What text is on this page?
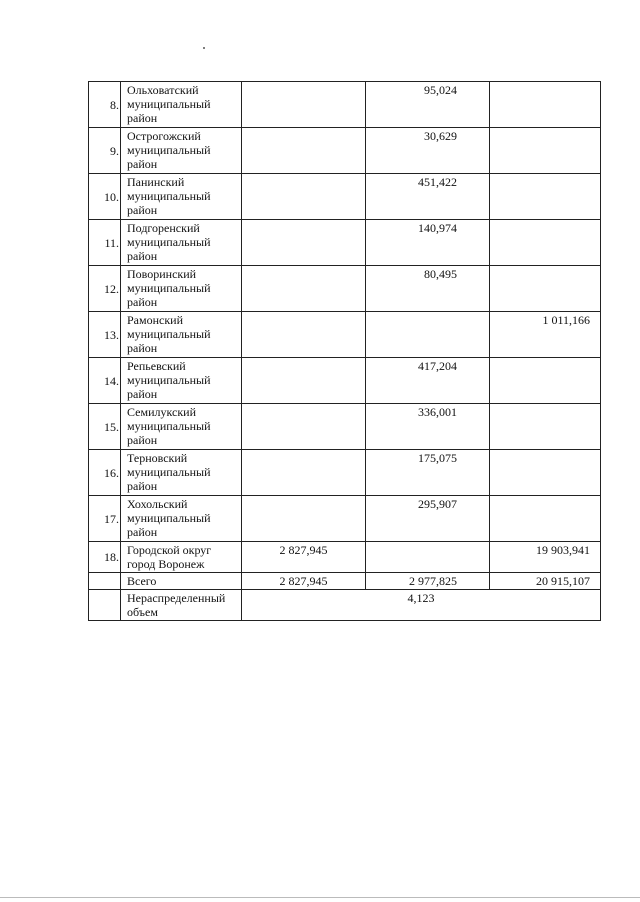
8.	Ольховатский
муниципальный
район		95,024	
9.	Острогожский
муниципальный
район		30,629	
10.	Панинский
муниципальный
район		451,422	
11.	Подгоренский
муниципальный
район		140,974	
12.	Поворинский
муниципальный
район		80,495	
13.	Рамонский
муниципальный
район			1 011,166
14.	Репьевский
муниципальный
район		417,204	
15.	Семилукский
муниципальный
район		336,001	
16.	Терновский
муниципальный
район		175,075	
17.	Хохольский
муниципальный
район		295,907	
18.	Городской округ
город Воронеж	2 827,945		19 903,941
	Всего	2 827,945	2 977,825	20 915,107

	Нераспределенный
объем	4,123		
